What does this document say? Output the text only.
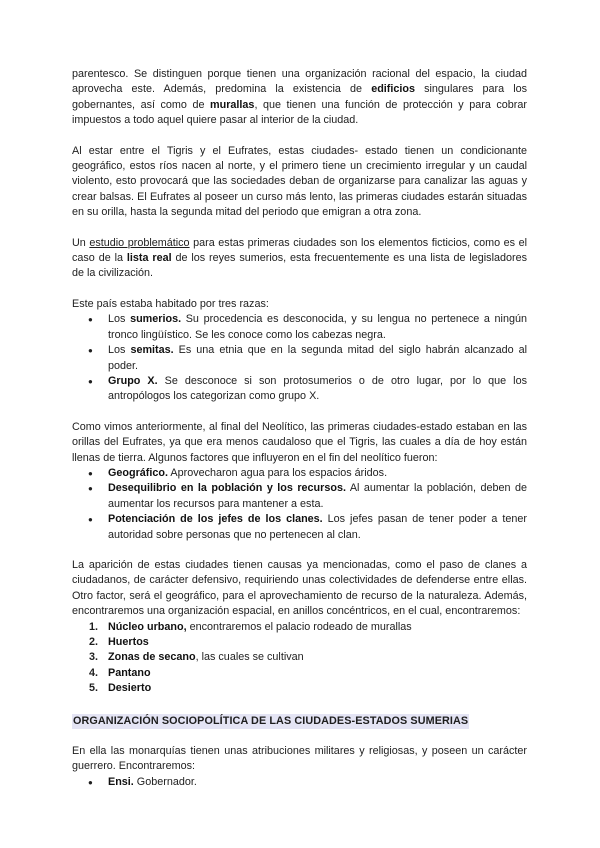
parentesco. Se distinguen porque tienen una organización racional del espacio, la ciudad aprovecha este. Además, predomina la existencia de edificios singulares para los gobernantes, así como de murallas, que tienen una función de protección y para cobrar impuestos a todo aquel quiere pasar al interior de la ciudad.

Al estar entre el Tigris y el Eufrates, estas ciudades- estado tienen un condicionante geográfico, estos ríos nacen al norte, y el primero tiene un crecimiento irregular y un caudal violento, esto provocará que las sociedades deban de organizarse para canalizar las aguas y crear balsas. El Eufrates al poseer un curso más lento, las primeras ciudades estarán situadas en su orilla, hasta la segunda mitad del periodo que emigran a otra zona.

Un estudio problemático para estas primeras ciudades son los elementos ficticios, como es el caso de la lista real de los reyes sumerios, esta frecuentemente es una lista de legisladores de la civilización.

Este país estaba habitado por tres razas:

● Los sumerios. Su procedencia es desconocida, y su lengua no pertenece a ningún tronco lingüístico. Se les conoce como los cabezas negra.
● Los semitas. Es una etnia que en la segunda mitad del siglo habrán alcanzado al poder.
● Grupo X. Se desconoce si son protosumerios o de otro lugar, por lo que los antropólogos los categorizan como grupo X.

Como vimos anteriormente, al final del Neolítico, las primeras ciudades-estado estaban en las orillas del Eufrates, ya que era menos caudaloso que el Tigris, las cuales a día de hoy están llenas de tierra. Algunos factores que influyeron en el fin del neolítico fueron:

● Geográfico. Aprovecharon agua para los espacios áridos.
● Desequilibrio en la población y los recursos. Al aumentar la población, deben de aumentar los recursos para mantener a esta.
● Potenciación de los jefes de los clanes. Los jefes pasan de tener poder a tener autoridad sobre personas que no pertenecen al clan.

La aparición de estas ciudades tienen causas ya mencionadas, como el paso de clanes a ciudadanos, de carácter defensivo, requiriendo unas colectividades de defenderse entre ellas. Otro factor, será el geográfico, para el aprovechamiento de recurso de la naturaleza. Además, encontraremos una organización espacial, en anillos concéntricos, en el cual, encontraremos:

1. Núcleo urbano, encontraremos el palacio rodeado de murallas
2. Huertos
3. Zonas de secano, las cuales se cultivan
4. Pantano
5. Desierto
ORGANIZACIÓN SOCIOPOLÍTICA DE LAS CIUDADES-ESTADOS SUMERIAS

En ella las monarquías tienen unas atribuciones militares y religiosas, y poseen un carácter guerrero. Encontraremos:

● Ensi. Gobernador.
